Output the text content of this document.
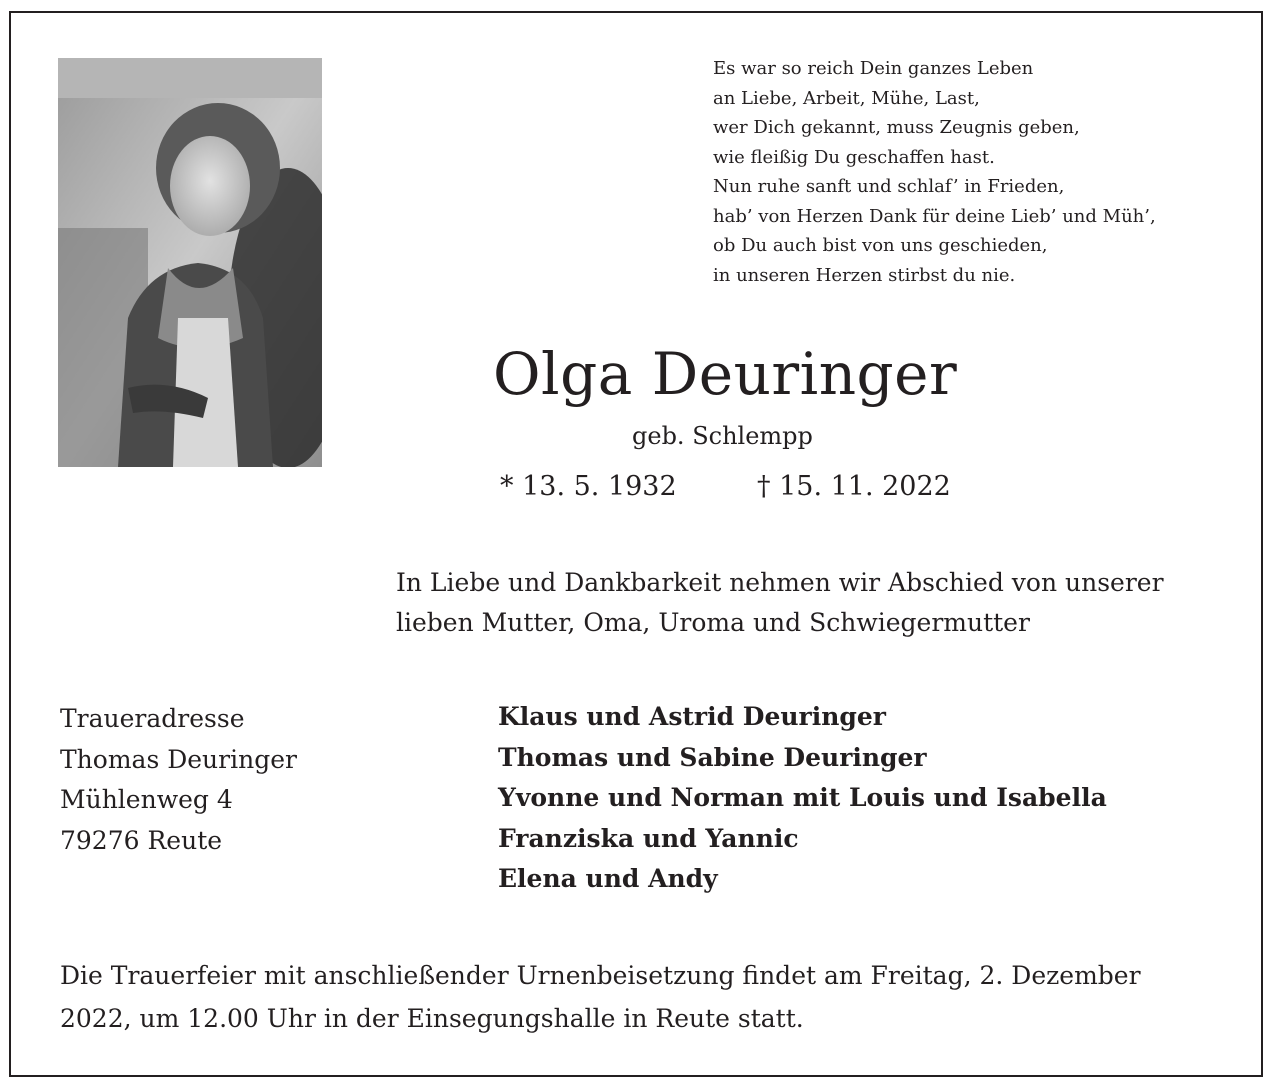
Es war so reich Dein ganzes Leben
an Liebe, Arbeit, Mühe, Last,
wer Dich gekannt, muss Zeugnis geben,
wie fleißig Du geschaffen hast.
Nun ruhe sanft und schlaf’ in Frieden,
hab’ von Herzen Dank für deine Lieb’ und Müh’,
ob Du auch bist von uns geschieden,
in unseren Herzen stirbst du nie.
Olga Deuringer
geb. Schlempp
* 13. 5. 1932	† 15. 11. 2022
In Liebe und Dankbarkeit nehmen wir Abschied von unserer
lieben Mutter, Oma, Uroma und Schwiegermutter
Traueradresse
Thomas Deuringer
Mühlenweg 4
79276 Reute
Klaus und Astrid Deuringer
Thomas und Sabine Deuringer
Yvonne und Norman mit Louis und Isabella
Franziska und Yannic
Elena und Andy
Die Trauerfeier mit anschließender Urnenbeisetzung findet am Freitag, 2. Dezember
2022, um 12.00 Uhr in der Einsegungshalle in Reute statt.
